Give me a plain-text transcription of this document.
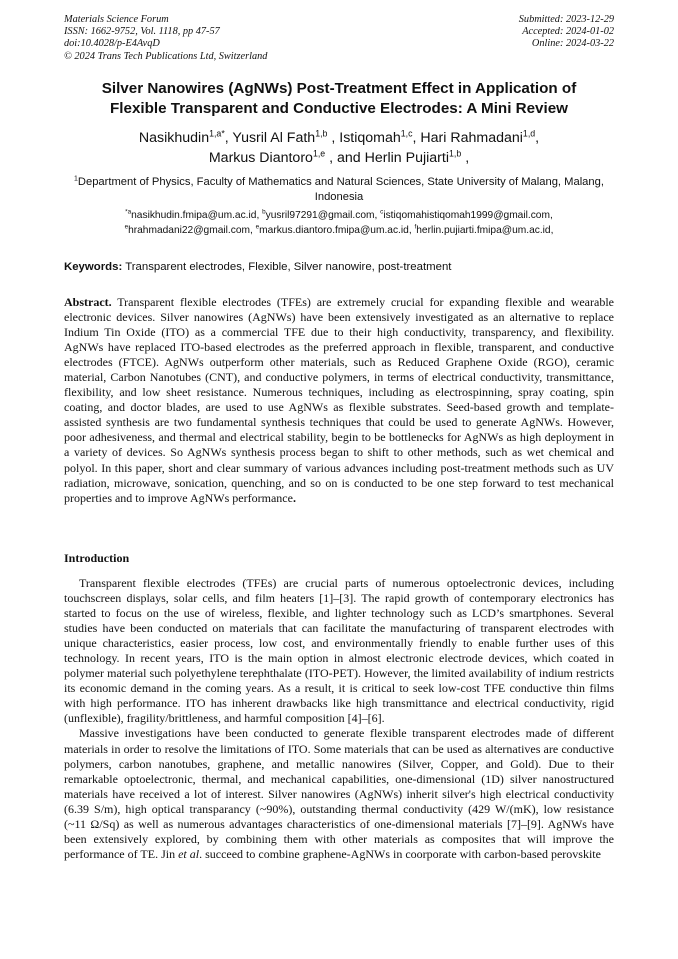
Materials Science Forum
ISSN: 1662-9752, Vol. 1118, pp 47-57
doi:10.4028/p-E4AvqD
© 2024 Trans Tech Publications Ltd, Switzerland
Submitted: 2023-12-29
Accepted: 2024-01-02
Online: 2024-03-22
Silver Nanowires (AgNWs) Post-Treatment Effect in Application of
Flexible Transparent and Conductive Electrodes: A Mini Review
Nasikhudin$^{1,a*}$, Yusril Al Fath$^{1,b}$ , Istiqomah$^{1,c}$, Hari Rahmadani$^{1,d}$,
Markus Diantoro$^{1,e}$ , and Herlin Pujiarti$^{1,b}$ ,
$^1$Department of Physics, Faculty of Mathematics and Natural Sciences, State University of Malang, Malang, Indonesia
$^{*a}$nasikhudin.fmipa@um.ac.id, $^b$yusril97291@gmail.com, $^c$istiqomahistiqomah1999@gmail.com, $^e$hrahmadani22@gmail.com, $^e$markus.diantoro.fmipa@um.ac.id, $^f$herlin.pujiarti.fmipa@um.ac.id,
Keywords: Transparent electrodes, Flexible, Silver nanowire, post-treatment
Abstract. Transparent flexible electrodes (TFEs) are extremely crucial for expanding flexible and wearable electronic devices. Silver nanowires (AgNWs) have been extensively investigated as an alternative to replace Indium Tin Oxide (ITO) as a commercial TFE due to their high conductivity, transparency, and flexibility. AgNWs have replaced ITO-based electrodes as the preferred approach in flexible, transparent, and conductive electrodes (FTCE). AgNWs outperform other materials, such as Reduced Graphene Oxide (RGO), ceramic material, Carbon Nanotubes (CNT), and conductive polymers, in terms of electrical conductivity, transmittance, flexibility, and low sheet resistance. Numerous techniques, including as electrospinning, spray coating, spin coating, and doctor blades, are used to use AgNWs as flexible substrates. Seed-based growth and template-assisted synthesis are two fundamental synthesis techniques that could be used to generate AgNWs. However, poor adhesiveness, and thermal and electrical stability, begin to be bottlenecks for AgNWs as high deployment in a variety of devices. So AgNWs synthesis process began to shift to other methods, such as wet chemical and polyol. In this paper, short and clear summary of various advances including post-treatment methods such as UV radiation, microwave, sonication, quenching, and so on is conducted to be one step forward to test mechanical properties and to improve AgNWs performance.
Introduction

Transparent flexible electrodes (TFEs) are crucial parts of numerous optoelectronic devices, including touchscreen displays, solar cells, and film heaters [1]–[3]. The rapid growth of contemporary electronics has started to focus on the use of wireless, flexible, and lighter technology such as LCD’s smartphones. Several studies have been conducted on materials that can facilitate the manufacturing of transparent electrodes with unique characteristics, easier process, low cost, and environmentally friendly to enable further uses of this technology. In recent years, ITO is the main option in almost electronic electrode devices, which coated in polymer material such polyethylene terephthalate (ITO-PET). However, the limited availability of indium restricts its economic demand in the coming years. As a result, it is critical to seek low-cost TFE conductive thin films with high performance. ITO has inherent drawbacks like high transmittance and electrical conductivity, rigid (unflexible), fragility/brittleness, and harmful composition [4]–[6].

Massive investigations have been conducted to generate flexible transparent electrodes made of different materials in order to resolve the limitations of ITO. Some materials that can be used as alternatives are conductive polymers, carbon nanotubes, graphene, and metallic nanowires (Silver, Copper, and Gold). Due to their remarkable optoelectronic, thermal, and mechanical capabilities, one-dimensional (1D) silver nanostructured materials have received a lot of interest. Silver nanowires (AgNWs) inherit silver's high electrical conductivity (6.39 S/m), high optical transparancy (~90%), outstanding thermal conductivity (429 W/(mK), low resistance (~11 Ω/Sq) as well as numerous advantages characteristics of one-dimensional materials [7]–[9]. AgNWs have been extensively explored, by combining them with other materials as composites that will improve the performance of TE. Jin et al. succeed to combine graphene-AgNWs in coorporate with carbon-based perovskite
